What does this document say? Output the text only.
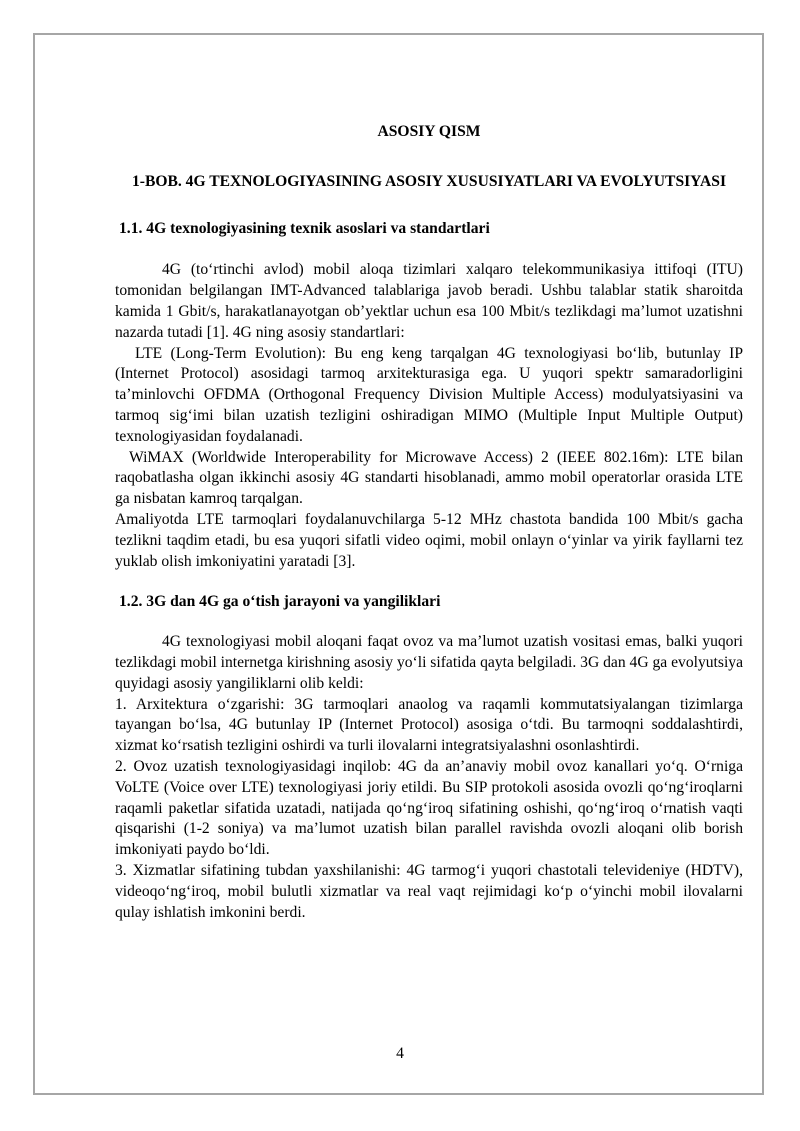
ASOSIY QISM

1-BOB. 4G TEXNOLOGIYASINING ASOSIY XUSUSIYATLARI VA EVOLYUTSIYASI

1.1. 4G texnologiyasining texnik asoslari va standartlari

4G (to‘rtinchi avlod) mobil aloqa tizimlari xalqaro telekommunikasiya ittifoqi (ITU) tomonidan belgilangan IMT-Advanced talablariga javob beradi. Ushbu talablar statik sharoitda kamida 1 Gbit/s, harakatlanayotgan ob’yektlar uchun esa 100 Mbit/s tezlikdagi ma’lumot uzatishni nazarda tutadi [1]. 4G ning asosiy standartlari:

LTE (Long-Term Evolution): Bu eng keng tarqalgan 4G texnologiyasi bo‘lib, butunlay IP (Internet Protocol) asosidagi tarmoq arxitekturasiga ega. U yuqori spektr samaradorligini ta’minlovchi OFDMA (Orthogonal Frequency Division Multiple Access) modulyatsiyasini va tarmoq sig‘imi bilan uzatish tezligini oshiradigan MIMO (Multiple Input Multiple Output) texnologiyasidan foydalanadi.

WiMAX (Worldwide Interoperability for Microwave Access) 2 (IEEE 802.16m): LTE bilan raqobatlasha olgan ikkinchi asosiy 4G standarti hisoblanadi, ammo mobil operatorlar orasida LTE ga nisbatan kamroq tarqalgan.

Amaliyotda LTE tarmoqlari foydalanuvchilarga 5-12 MHz chastota bandida 100 Mbit/s gacha tezlikni taqdim etadi, bu esa yuqori sifatli video oqimi, mobil onlayn o‘yinlar va yirik fayllarni tez yuklab olish imkoniyatini yaratadi [3].

1.2. 3G dan 4G ga o‘tish jarayoni va yangiliklari

4G texnologiyasi mobil aloqani faqat ovoz va ma’lumot uzatish vositasi emas, balki yuqori tezlikdagi mobil internetga kirishning asosiy yo‘li sifatida qayta belgiladi. 3G dan 4G ga evolyutsiya quyidagi asosiy yangiliklarni olib keldi:

1. Arxitektura o‘zgarishi: 3G tarmoqlari anaolog va raqamli kommutatsiyalangan tizimlarga tayangan bo‘lsa, 4G butunlay IP (Internet Protocol) asosiga o‘tdi. Bu tarmoqni soddalashtirdi, xizmat ko‘rsatish tezligini oshirdi va turli ilovalarni integratsiyalashni osonlashtirdi.

2. Ovoz uzatish texnologiyasidagi inqilob: 4G da an’anaviy mobil ovoz kanallari yo‘q. O‘rniga VoLTE (Voice over LTE) texnologiyasi joriy etildi. Bu SIP protokoli asosida ovozli qo‘ng‘iroqlarni raqamli paketlar sifatida uzatadi, natijada qo‘ng‘iroq sifatining oshishi, qo‘ng‘iroq o‘rnatish vaqti qisqarishi (1-2 soniya) va ma’lumot uzatish bilan parallel ravishda ovozli aloqani olib borish imkoniyati paydo bo‘ldi.

3. Xizmatlar sifatining tubdan yaxshilanishi: 4G tarmog‘i yuqori chastotali televideniye (HDTV), videoqo‘ng‘iroq, mobil bulutli xizmatlar va real vaqt rejimidagi ko‘p o‘yinchi mobil ilovalarni qulay ishlatish imkonini berdi.

4
